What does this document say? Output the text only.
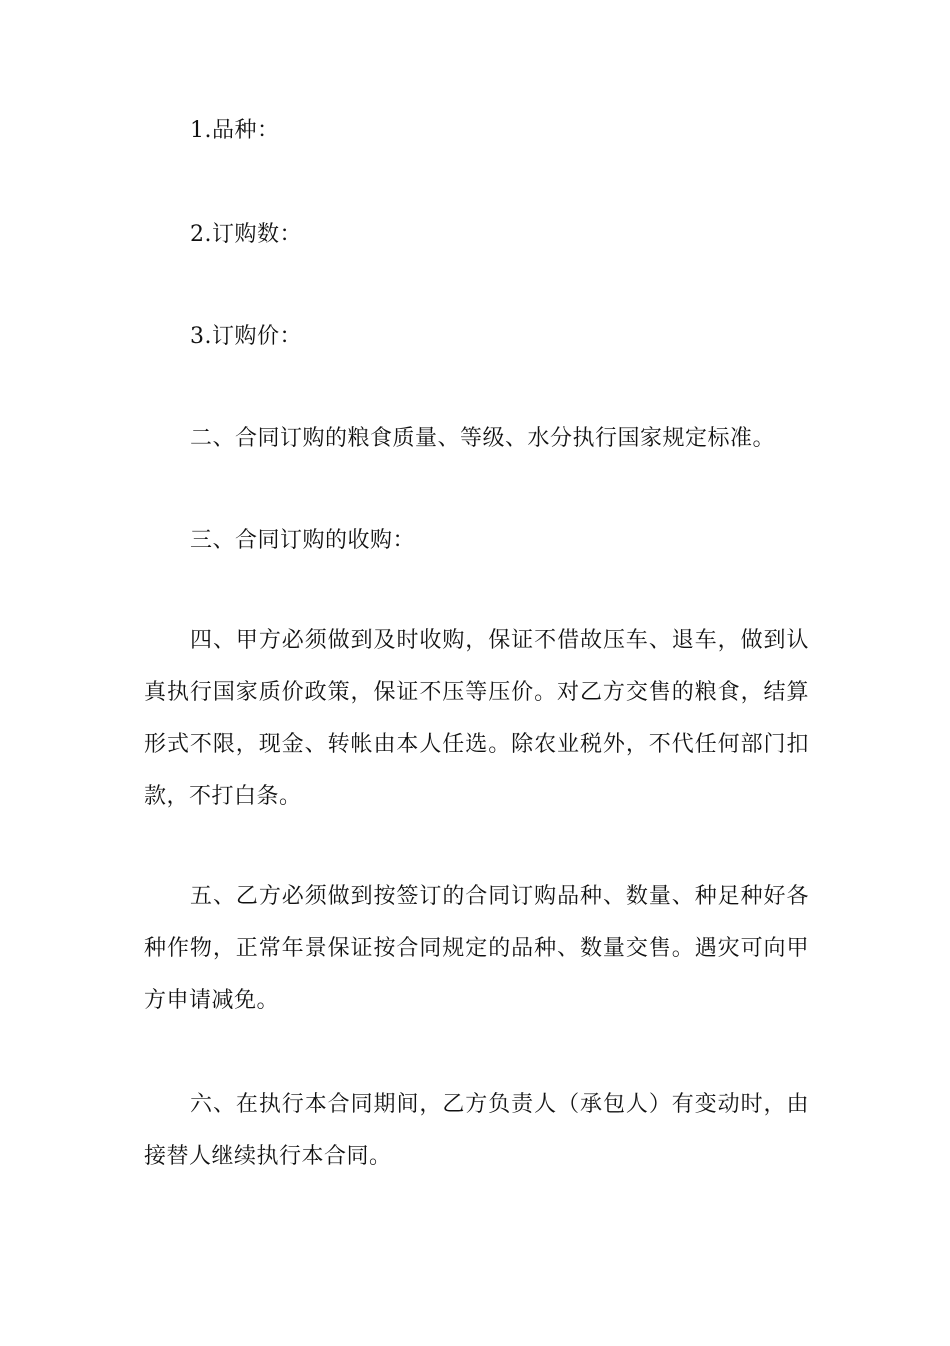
1.品种：
2.订购数：
3.订购价：
二、合同订购的粮食质量、等级、水分执行国家规定标准。
三、合同订购的收购：
四、甲方必须做到及时收购，保证不借故压车、退车，做到认真执行国家质价政策，保证不压等压价。对乙方交售的粮食，结算形式不限，现金、转帐由本人任选。除农业税外，不代任何部门扣款，不打白条。
五、乙方必须做到按签订的合同订购品种、数量、种足种好各种作物，正常年景保证按合同规定的品种、数量交售。遇灾可向甲方申请减免。
六、在执行本合同期间，乙方负责人（承包人）有变动时，由接替人继续执行本合同。
